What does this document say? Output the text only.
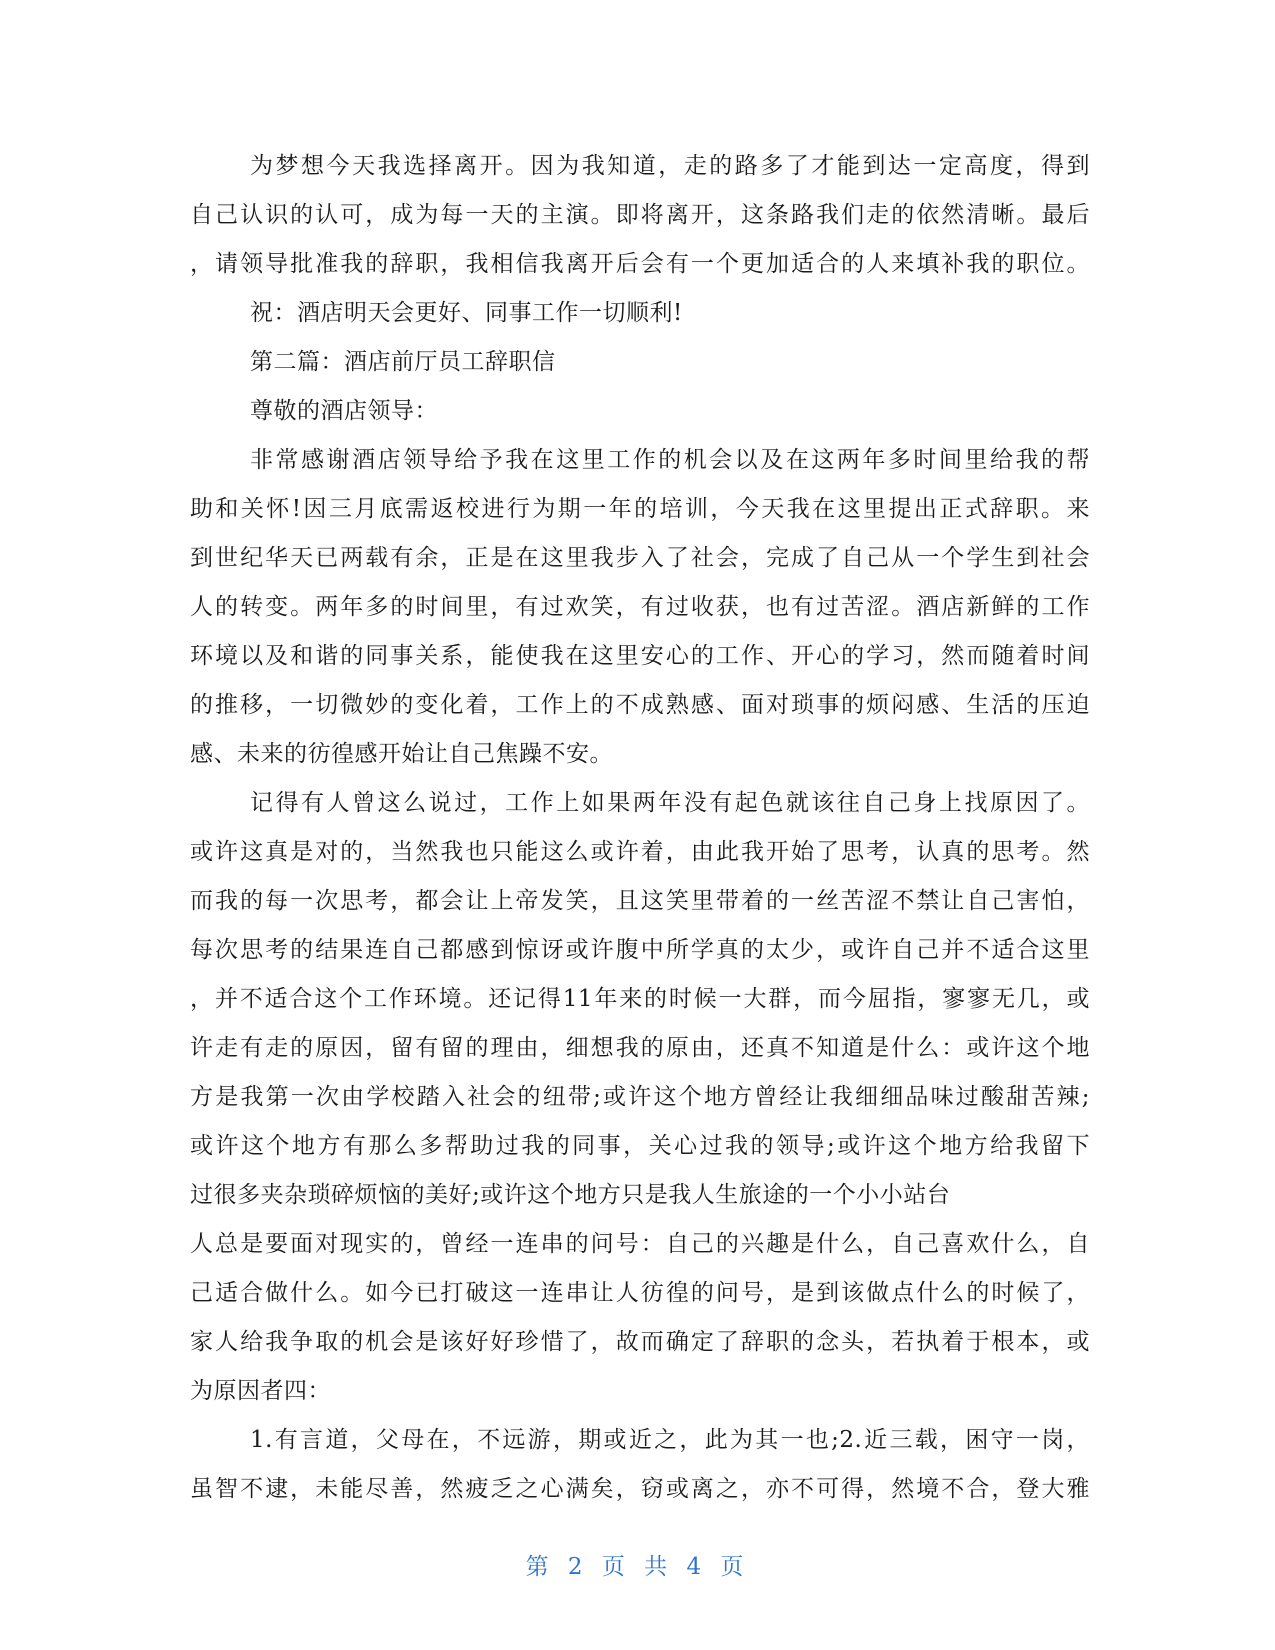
为梦想今天我选择离开。因为我知道，走的路多了才能到达一定高度，得到
自己认识的认可，成为每一天的主演。即将离开，这条路我们走的依然清晰。最后
，请领导批准我的辞职，我相信我离开后会有一个更加适合的人来填补我的职位。
祝：酒店明天会更好、同事工作一切顺利!
第二篇：酒店前厅员工辞职信
尊敬的酒店领导：
非常感谢酒店领导给予我在这里工作的机会以及在这两年多时间里给我的帮
助和关怀!因三月底需返校进行为期一年的培训，今天我在这里提出正式辞职。来
到世纪华天已两载有余，正是在这里我步入了社会，完成了自己从一个学生到社会
人的转变。两年多的时间里，有过欢笑，有过收获，也有过苦涩。酒店新鲜的工作
环境以及和谐的同事关系，能使我在这里安心的工作、开心的学习，然而随着时间
的推移，一切微妙的变化着，工作上的不成熟感、面对琐事的烦闷感、生活的压迫
感、未来的彷徨感开始让自己焦躁不安。
记得有人曾这么说过，工作上如果两年没有起色就该往自己身上找原因了。
或许这真是对的，当然我也只能这么或许着，由此我开始了思考，认真的思考。然
而我的每一次思考，都会让上帝发笑，且这笑里带着的一丝苦涩不禁让自己害怕，
每次思考的结果连自己都感到惊讶或许腹中所学真的太少，或许自己并不适合这里
，并不适合这个工作环境。还记得11年来的时候一大群，而今屈指，寥寥无几，或
许走有走的原因，留有留的理由，细想我的原由，还真不知道是什么：或许这个地
方是我第一次由学校踏入社会的纽带;或许这个地方曾经让我细细品味过酸甜苦辣;
或许这个地方有那么多帮助过我的同事，关心过我的领导;或许这个地方给我留下
过很多夹杂琐碎烦恼的美好;或许这个地方只是我人生旅途的一个小小站台
人总是要面对现实的，曾经一连串的问号：自己的兴趣是什么，自己喜欢什么，自
己适合做什么。如今已打破这一连串让人彷徨的问号，是到该做点什么的时候了，
家人给我争取的机会是该好好珍惜了，故而确定了辞职的念头，若执着于根本，或
为原因者四：
1.有言道，父母在，不远游，期或近之，此为其一也;2.近三载，困守一岗，
虽智不逮，未能尽善，然疲乏之心满矣，窃或离之，亦不可得，然境不合，登大雅
第 2 页 共 4 页
